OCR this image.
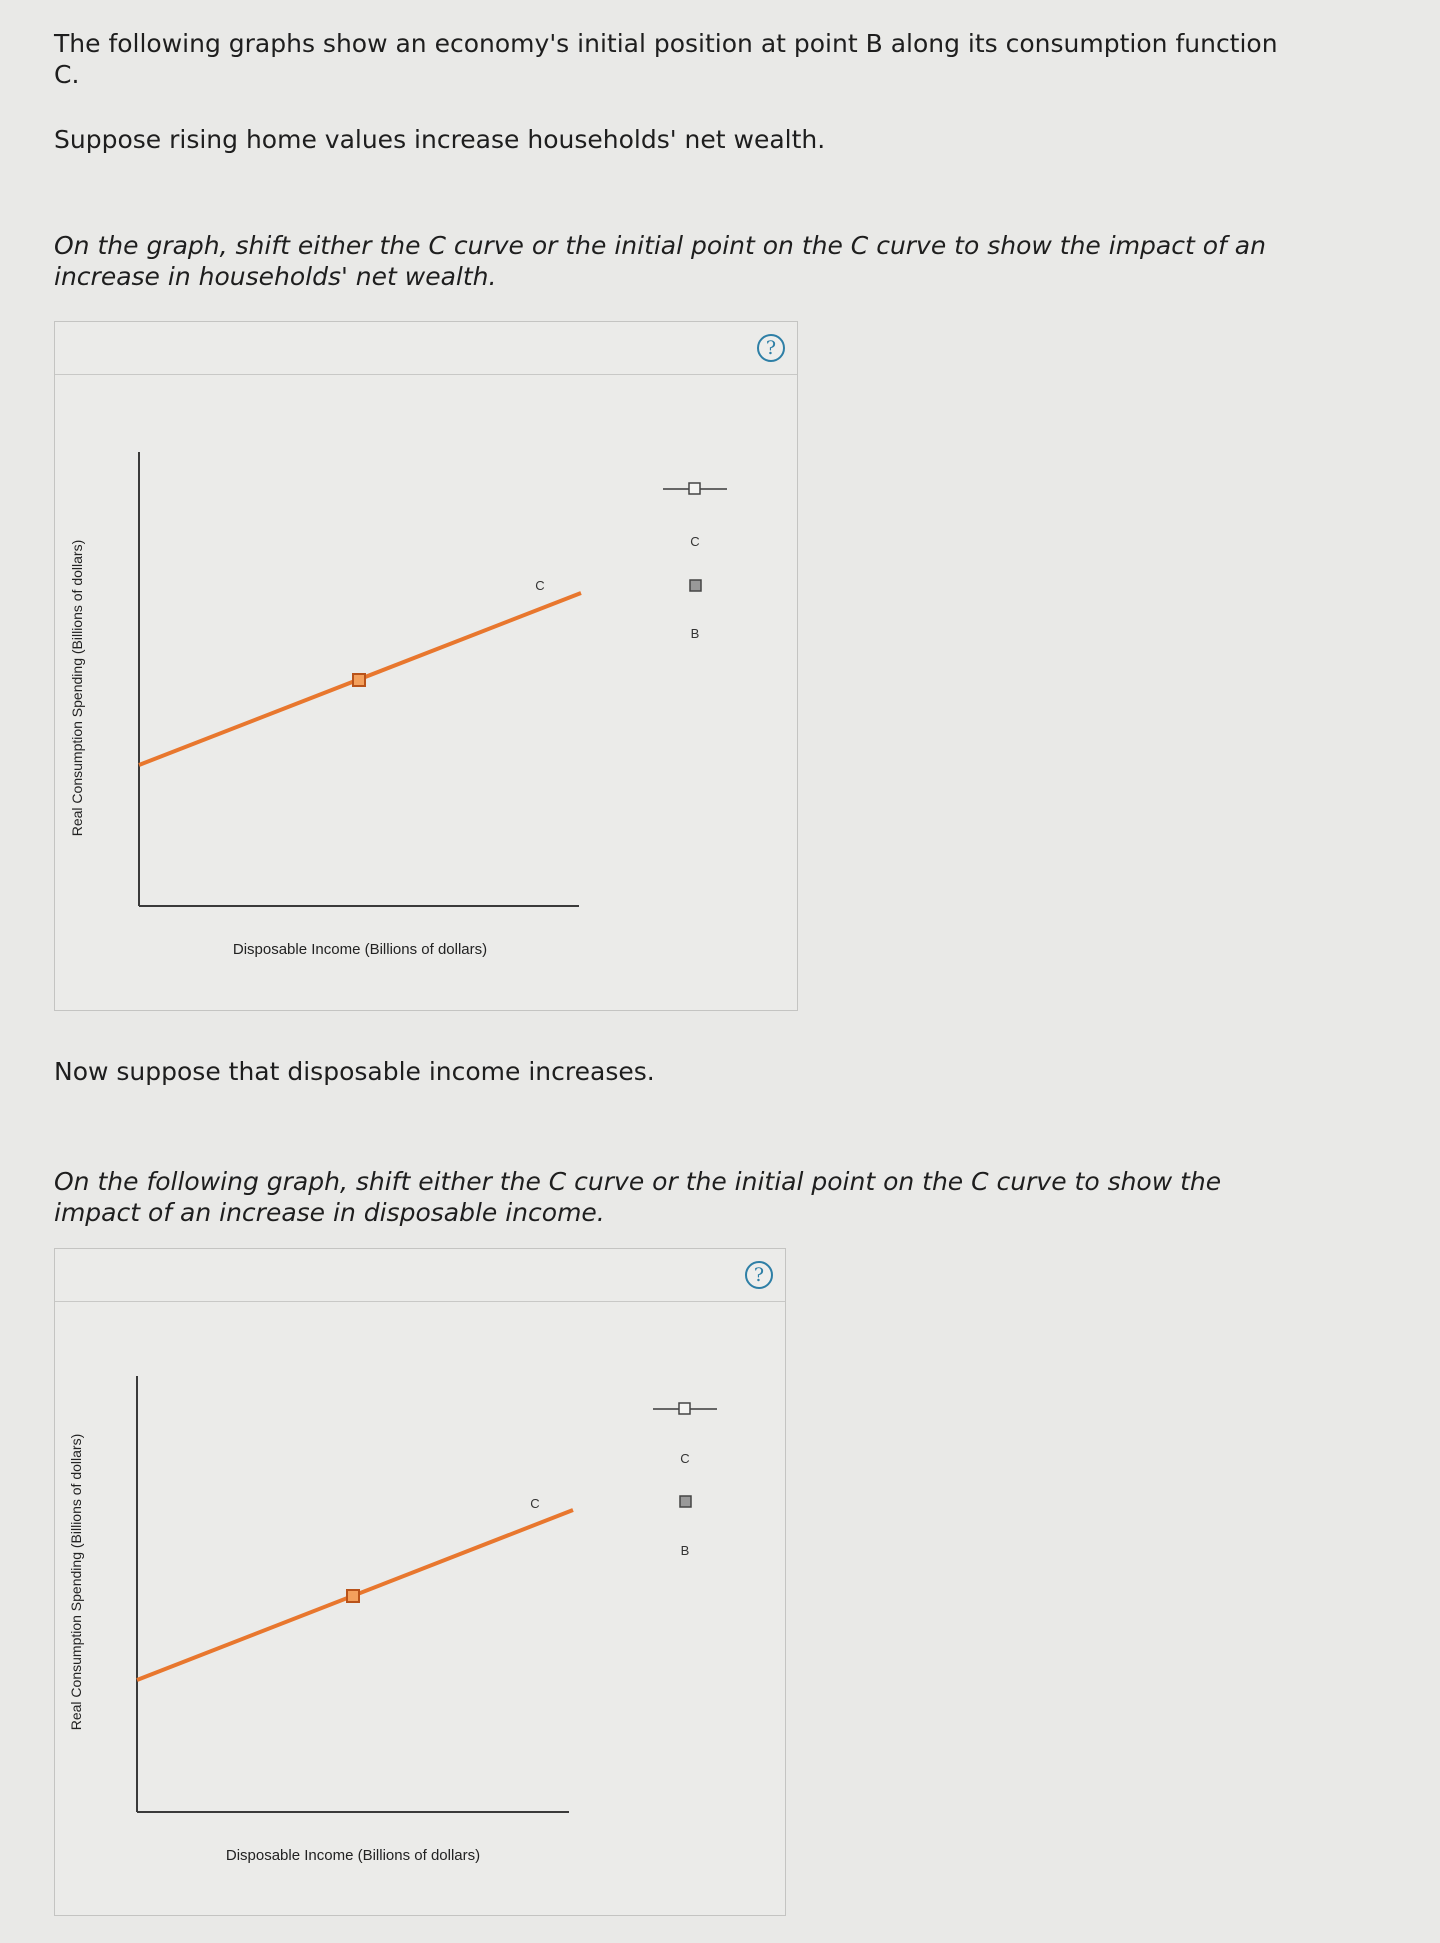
The following graphs show an economy's initial position at point B along its consumption function C.

Suppose rising home values increase households' net wealth.

On the graph, shift either the C curve or the initial point on the C curve to show the impact of an increase in households' net wealth.

?
C
Disposable Income (Billions of dollars)
Real Consumption Spending (Billions of dollars)	C
B

Now suppose that disposable income increases.

On the following graph, shift either the C curve or the initial point on the C curve to show the impact of an increase in disposable income.

?
C
Disposable Income (Billions of dollars)
Real Consumption Spending (Billions of dollars)	C
B
